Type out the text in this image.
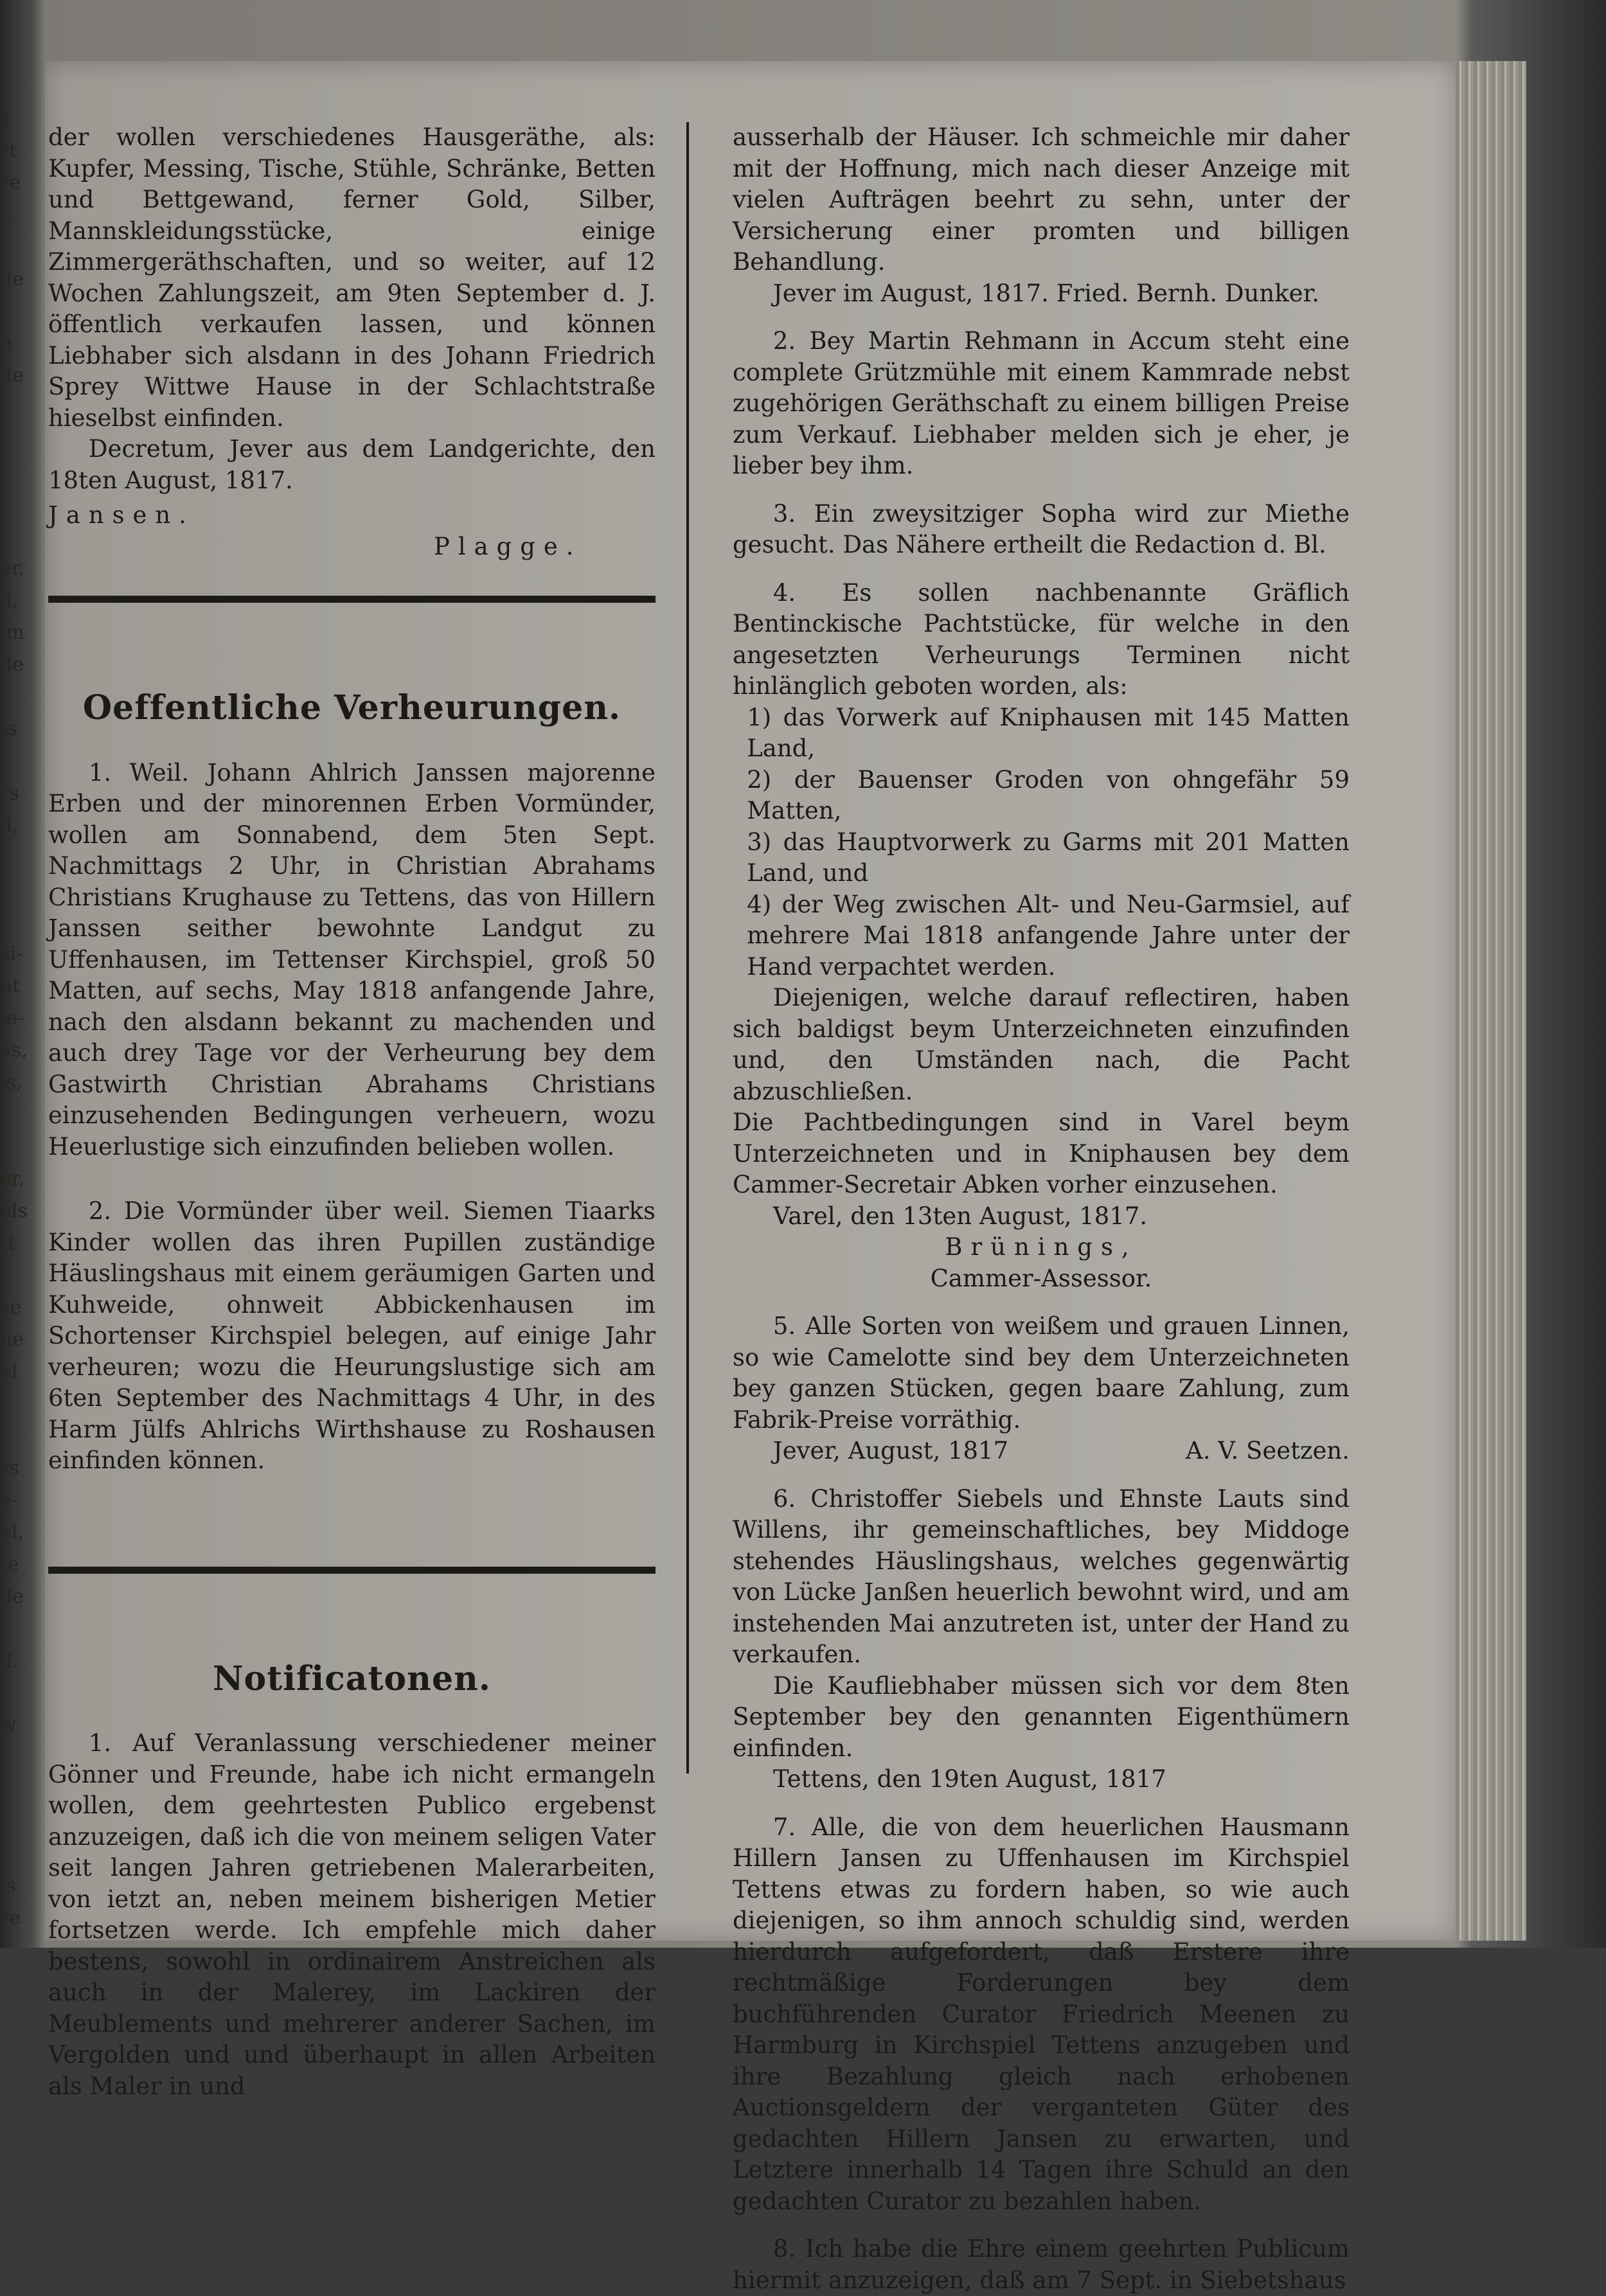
s
rt
re
l,
,
de
,
n
de

er,
d,
ım
de

ts

rs
d,

si-
ut
ie-
as,
is,

er,
els
tt

se
ne
el

rs
e-
el,
te
de
l
d.

w

ls
re

der wollen verschiedenes Hausgeräthe, als: Kupfer, Messing, Tische, Stühle, Schränke, Betten und Bettgewand, ferner Gold, Silber, Mannskleidungsstücke, einige Zimmergeräthschaften, und so weiter, auf 12 Wochen Zahlungszeit, am 9ten September d. J. öffentlich verkaufen lassen, und können Liebhaber sich alsdann in des Johann Friedrich Sprey Wittwe Hause in der Schlachtstraße hieselbst einfinden.

Decretum, Jever aus dem Landgerichte, den 18ten August, 1817.

Jansen.

Plagge.

Oeffentliche Verheurungen.

1. Weil. Johann Ahlrich Janssen majorenne Erben und der minorennen Erben Vormünder, wollen am Sonnabend, dem 5ten Sept. Nachmittags 2 Uhr, in Christian Abrahams Christians Krughause zu Tettens, das von Hillern Janssen seither bewohnte Landgut zu Uffenhausen, im Tettenser Kirchspiel, groß 50 Matten, auf sechs, May 1818 anfangende Jahre, nach den alsdann bekannt zu machenden und auch drey Tage vor der Verheurung bey dem Gastwirth Christian Abrahams Christians einzusehenden Bedingungen verheuern, wozu Heuerlustige sich einzufinden belieben wollen.

2. Die Vormünder über weil. Siemen Tiaarks Kinder wollen das ihren Pupillen zuständige Häuslingshaus mit einem geräumigen Garten und Kuhweide, ohnweit Abbickenhausen im Schortenser Kirchspiel belegen, auf einige Jahr verheuren; wozu die Heurungslustige sich am 6ten September des Nachmittags 4 Uhr, in des Harm Jülfs Ahlrichs Wirthshause zu Roshausen einfinden können.

Notificatonen.

1. Auf Veranlassung verschiedener meiner Gönner und Freunde, habe ich nicht ermangeln wollen, dem geehrtesten Publico ergebenst anzuzeigen, daß ich die von meinem seligen Vater seit langen Jahren getriebenen Malerarbeiten, von ietzt an, neben meinem bisherigen Metier fortsetzen werde. Ich empfehle mich daher bestens, sowohl in ordinairem Anstreichen als auch in der Malerey, im Lackiren der Meublements und mehrerer anderer Sachen, im Vergolden und und überhaupt in allen Arbeiten als Maler in und

ausserhalb der Häuser. Ich schmeichle mir daher mit der Hoffnung, mich nach dieser Anzeige mit vielen Aufträgen beehrt zu sehn, unter der Versicherung einer promten und billigen Behandlung.

Jever im August, 1817. Fried. Bernh. Dunker.

2. Bey Martin Rehmann in Accum steht eine complete Grützmühle mit einem Kammrade nebst zugehörigen Geräthschaft zu einem billigen Preise zum Verkauf. Liebhaber melden sich je eher, je lieber bey ihm.

3. Ein zweysitziger Sopha wird zur Miethe gesucht. Das Nähere ertheilt die Redaction d. Bl.

4. Es sollen nachbenannte Gräflich Bentinckische Pachtstücke, für welche in den angesetzten Verheurungs Terminen nicht hinlänglich geboten worden, als:

1) das Vorwerk auf Kniphausen mit 145 Matten Land,

2) der Bauenser Groden von ohngefähr 59 Matten,

3) das Hauptvorwerk zu Garms mit 201 Matten Land, und

4) der Weg zwischen Alt- und Neu-Garmsiel, auf mehrere Mai 1818 anfangende Jahre unter der Hand verpachtet werden.

Diejenigen, welche darauf reflectiren, haben sich baldigst beym Unterzeichneten einzufinden und, den Umständen nach, die Pacht abzuschließen.

Die Pachtbedingungen sind in Varel beym Unterzeichneten und in Kniphausen bey dem Cammer-Secretair Abken vorher einzusehen.

Varel, den 13ten August, 1817.

Brünings,

Cammer-Assessor.

5. Alle Sorten von weißem und grauen Linnen, so wie Camelotte sind bey dem Unterzeichneten bey ganzen Stücken, gegen baare Zahlung, zum Fabrik-Preise vorräthig.

Jever, August, 1817	A. V. Seetzen.

6. Christoffer Siebels und Ehnste Lauts sind Willens, ihr gemeinschaftliches, bey Middoge stehendes Häuslingshaus, welches gegenwärtig von Lücke Janßen heuerlich bewohnt wird, und am instehenden Mai anzutreten ist, unter der Hand zu verkaufen.

Die Kaufliebhaber müssen sich vor dem 8ten September bey den genannten Eigenthümern einfinden.

Tettens, den 19ten August, 1817

7. Alle, die von dem heuerlichen Hausmann Hillern Jansen zu Uffenhausen im Kirchspiel Tettens etwas zu fordern haben, so wie auch diejenigen, so ihm annoch schuldig sind, werden hierdurch aufgefordert, daß Erstere ihre rechtmäßige Forderungen bey dem buchführenden Curator Friedrich Meenen zu Harmburg in Kirchspiel Tettens anzugeben und ihre Bezahlung gleich nach erhobenen Auctionsgeldern der verganteten Güter des gedachten Hillern Jansen zu erwarten, und Letztere innerhalb 14 Tagen ihre Schuld an den gedachten Curator zu bezahlen haben.

8. Ich habe die Ehre einem geehrten Publicum hiermit anzuzeigen, daß am 7 Sept. in Siebetshaus
